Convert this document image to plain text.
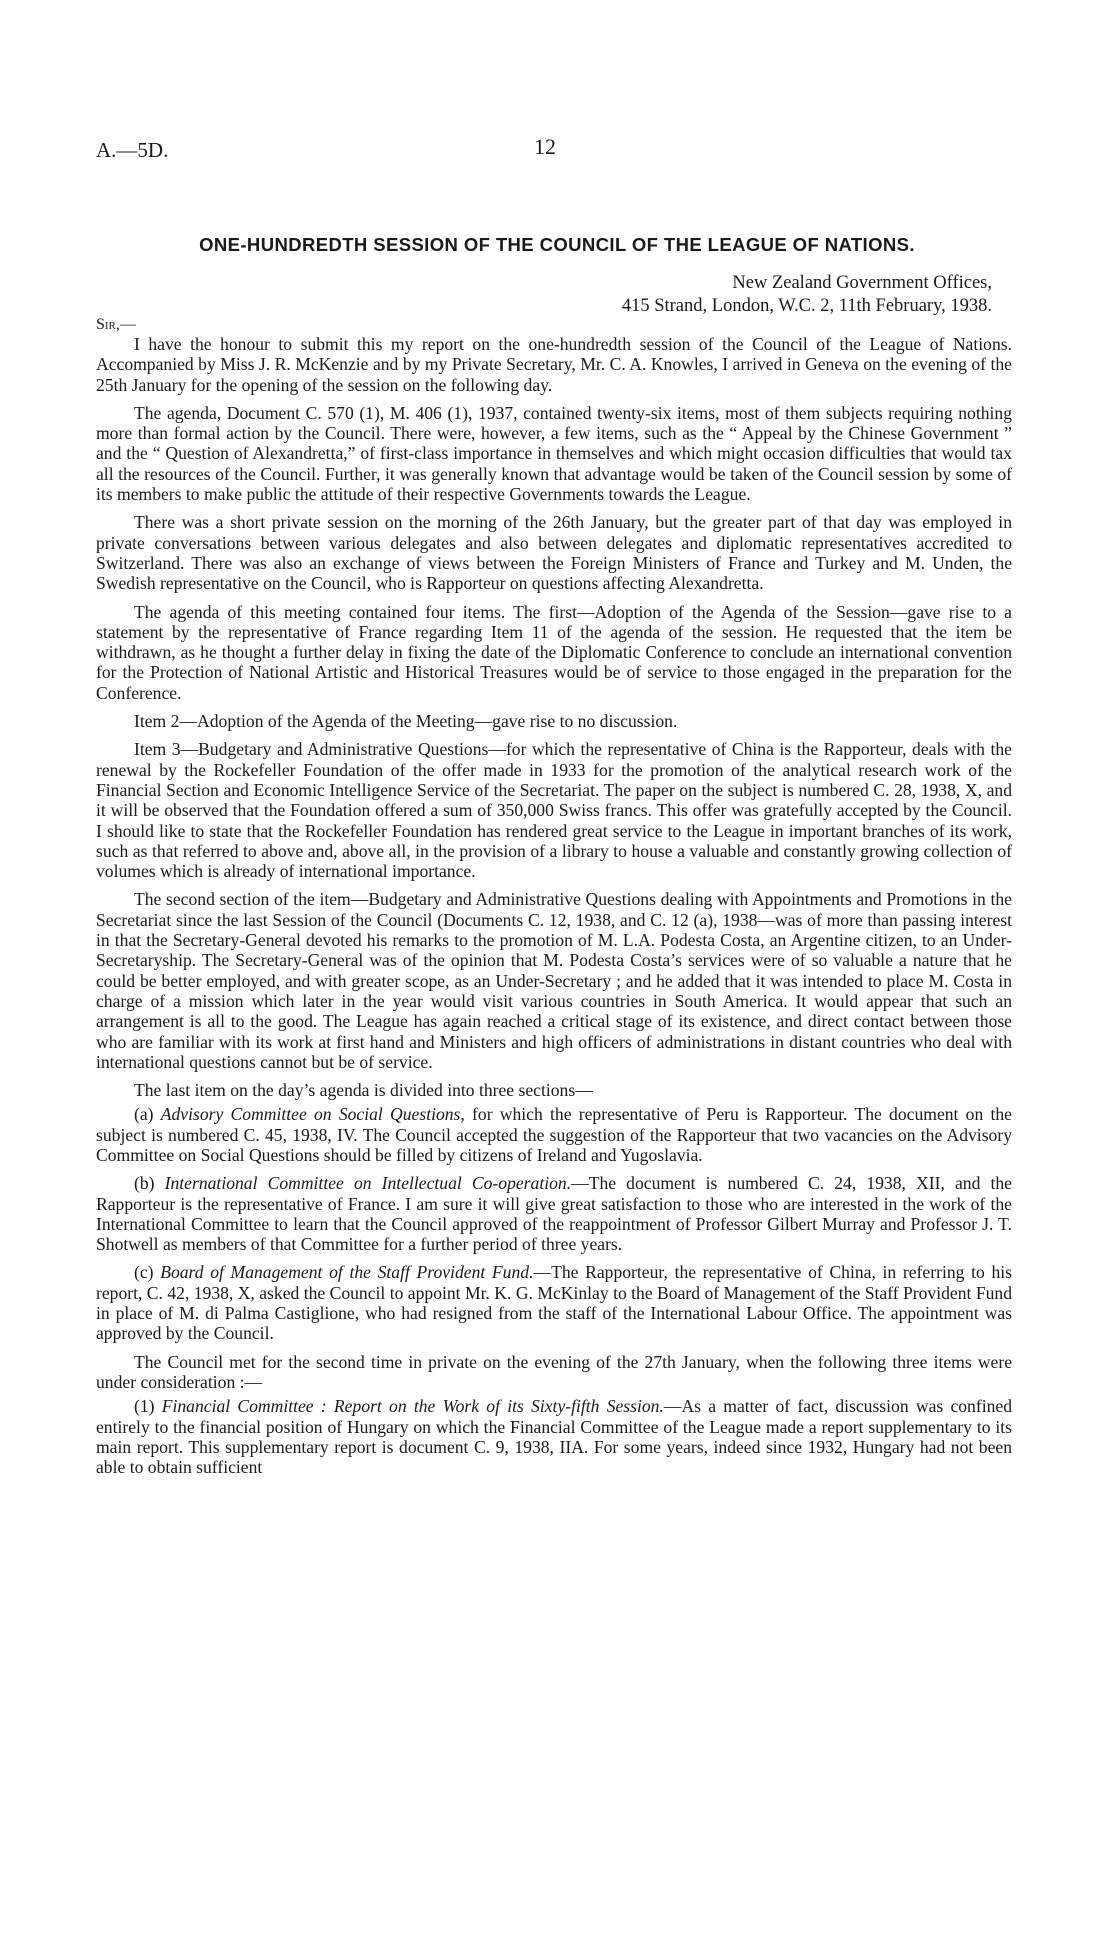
A.—5D.	12
ONE-HUNDREDTH SESSION OF THE COUNCIL OF THE LEAGUE OF NATIONS.
New Zealand Government Offices,
415 Strand, London, W.C. 2, 11th February, 1938.
Sir,—

I have the honour to submit this my report on the one-hundredth session of the Council of the League of Nations. Accompanied by Miss J. R. McKenzie and by my Private Secretary, Mr. C. A. Knowles, I arrived in Geneva on the evening of the 25th January for the opening of the session on the following day.

The agenda, Document C. 570 (1), M. 406 (1), 1937, contained twenty-six items, most of them subjects requiring nothing more than formal action by the Council. There were, however, a few items, such as the “ Appeal by the Chinese Government ” and the “ Question of Alexandretta,” of first-class importance in themselves and which might occasion difficulties that would tax all the resources of the Council. Further, it was generally known that advantage would be taken of the Council session by some of its members to make public the attitude of their respective Governments towards the League.

There was a short private session on the morning of the 26th January, but the greater part of that day was employed in private conversations between various delegates and also between delegates and diplomatic representatives accredited to Switzerland. There was also an exchange of views between the Foreign Ministers of France and Turkey and M. Unden, the Swedish representative on the Council, who is Rapporteur on questions affecting Alexandretta.

The agenda of this meeting contained four items. The first—Adoption of the Agenda of the Session—gave rise to a statement by the representative of France regarding Item 11 of the agenda of the session. He requested that the item be withdrawn, as he thought a further delay in fixing the date of the Diplomatic Conference to conclude an international convention for the Protection of National Artistic and Historical Treasures would be of service to those engaged in the preparation for the Conference.

Item 2—Adoption of the Agenda of the Meeting—gave rise to no discussion.

Item 3—Budgetary and Administrative Questions—for which the representative of China is the Rapporteur, deals with the renewal by the Rockefeller Foundation of the offer made in 1933 for the promotion of the analytical research work of the Financial Section and Economic Intelligence Service of the Secretariat. The paper on the subject is numbered C. 28, 1938, X, and it will be observed that the Foundation offered a sum of 350,000 Swiss francs. This offer was gratefully accepted by the Council. I should like to state that the Rockefeller Foundation has rendered great service to the League in important branches of its work, such as that referred to above and, above all, in the provision of a library to house a valuable and constantly growing collection of volumes which is already of international importance.

The second section of the item—Budgetary and Administrative Questions dealing with Appointments and Promotions in the Secretariat since the last Session of the Council (Documents C. 12, 1938, and C. 12 (a), 1938—was of more than passing interest in that the Secretary-General devoted his remarks to the promotion of M. L.A. Podesta Costa, an Argentine citizen, to an Under-Secretaryship. The Secretary-General was of the opinion that M. Podesta Costa’s services were of so valuable a nature that he could be better employed, and with greater scope, as an Under-Secretary ; and he added that it was intended to place M. Costa in charge of a mission which later in the year would visit various countries in South America. It would appear that such an arrangement is all to the good. The League has again reached a critical stage of its existence, and direct contact between those who are familiar with its work at first hand and Ministers and high officers of administrations in distant countries who deal with international questions cannot but be of service.

The last item on the day’s agenda is divided into three sections—

(a) Advisory Committee on Social Questions, for which the representative of Peru is Rapporteur. The document on the subject is numbered C. 45, 1938, IV. The Council accepted the suggestion of the Rapporteur that two vacancies on the Advisory Committee on Social Questions should be filled by citizens of Ireland and Yugoslavia.

(b) International Committee on Intellectual Co-operation.—The document is numbered C. 24, 1938, XII, and the Rapporteur is the representative of France. I am sure it will give great satisfaction to those who are interested in the work of the International Committee to learn that the Council approved of the reappointment of Professor Gilbert Murray and Professor J. T. Shotwell as members of that Committee for a further period of three years.

(c) Board of Management of the Staff Provident Fund.—The Rapporteur, the representative of China, in referring to his report, C. 42, 1938, X, asked the Council to appoint Mr. K. G. McKinlay to the Board of Management of the Staff Provident Fund in place of M. di Palma Castiglione, who had resigned from the staff of the International Labour Office. The appointment was approved by the Council.

The Council met for the second time in private on the evening of the 27th January, when the following three items were under consideration :—

(1) Financial Committee : Report on the Work of its Sixty-fifth Session.—As a matter of fact, discussion was confined entirely to the financial position of Hungary on which the Financial Committee of the League made a report supplementary to its main report. This supplementary report is document C. 9, 1938, IIA. For some years, indeed since 1932, Hungary had not been able to obtain sufficient
